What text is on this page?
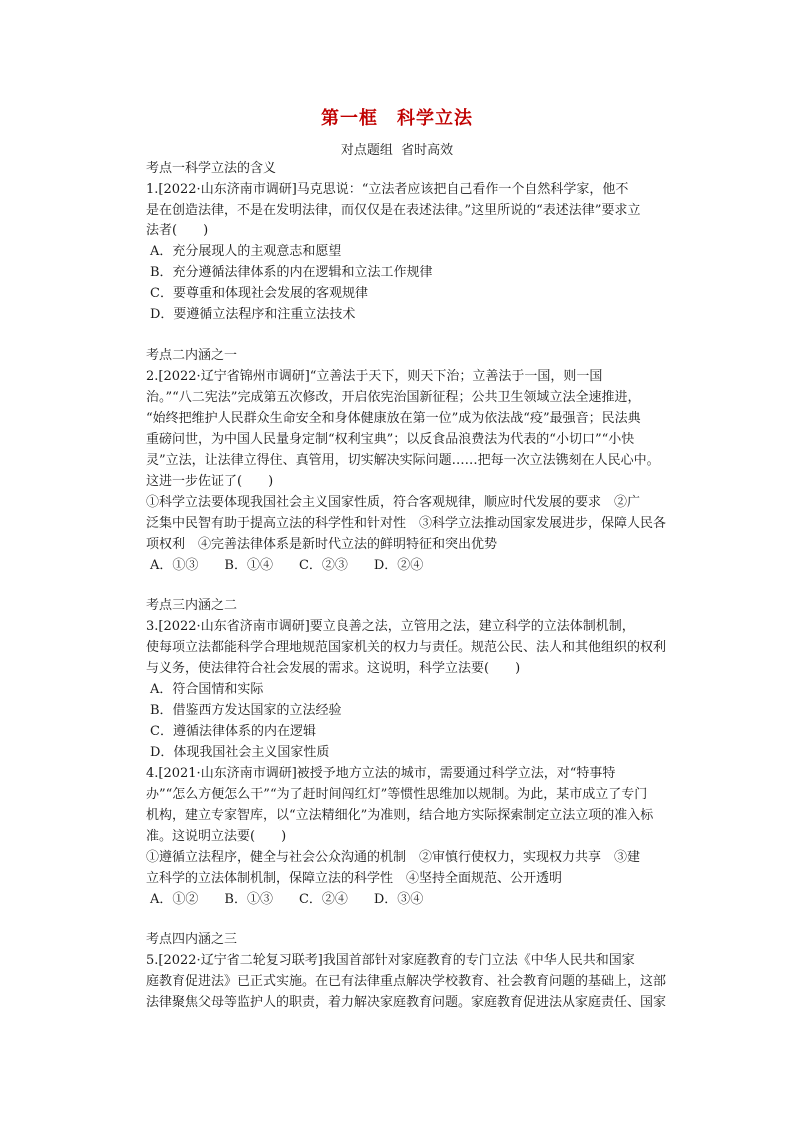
第一框　科学立法
对点题组  省时高效
考点一科学立法的含义
1.[2022·山东济南市调研]马克思说：“立法者应该把自己看作一个自然科学家，他不
是在创造法律，不是在发明法律，而仅仅是在表述法律。”这里所说的“表述法律”要求立
法者(　　)
A．充分展现人的主观意志和愿望
B．充分遵循法律体系的内在逻辑和立法工作规律
C．要尊重和体现社会发展的客观规律
D．要遵循立法程序和注重立法技术
考点二内涵之一
2.[2022·辽宁省锦州市调研]“立善法于天下，则天下治；立善法于一国，则一国
治。”“八二宪法”完成第五次修改，开启依宪治国新征程；公共卫生领域立法全速推进，
“始终把维护人民群众生命安全和身体健康放在第一位”成为依法战“疫”最强音；民法典
重磅问世，为中国人民量身定制“权利宝典”；以反食品浪费法为代表的“小切口”“小快
灵”立法，让法律立得住、真管用，切实解决实际问题……把每一次立法镌刻在人民心中。
这进一步佐证了(　　)
①科学立法要体现我国社会主义国家性质，符合客观规律，顺应时代发展的要求　②广
泛集中民智有助于提高立法的科学性和针对性　③科学立法推动国家发展进步，保障人民各
项权利　④完善法律体系是新时代立法的鲜明特征和突出优势
A．①③　　B．①④　　C．②③　　D．②④
考点三内涵之二
3.[2022·山东省济南市调研]要立良善之法，立管用之法，建立科学的立法体制机制，
使每项立法都能科学合理地规范国家机关的权力与责任。规范公民、法人和其他组织的权利
与义务，使法律符合社会发展的需求。这说明，科学立法要(　　)
A．符合国情和实际
B．借鉴西方发达国家的立法经验
C．遵循法律体系的内在逻辑
D．体现我国社会主义国家性质
4.[2021·山东济南市调研]被授予地方立法的城市，需要通过科学立法，对“特事特
办”“怎么方便怎么干”“为了赶时间闯红灯”等惯性思维加以规制。为此，某市成立了专门
机构，建立专家智库，以“立法精细化”为准则，结合地方实际探索制定立法立项的准入标
准。这说明立法要(　　)
①遵循立法程序，健全与社会公众沟通的机制　②审慎行使权力，实现权力共享　③建
立科学的立法体制机制，保障立法的科学性　④坚持全面规范、公开透明
A．①②　　B．①③　　C．②④　　D．③④
考点四内涵之三
5.[2022·辽宁省二轮复习联考]我国首部针对家庭教育的专门立法《中华人民共和国家
庭教育促进法》已正式实施。在已有法律重点解决学校教育、社会教育问题的基础上，这部
法律聚焦父母等监护人的职责，着力解决家庭教育问题。家庭教育促进法从家庭责任、国家
